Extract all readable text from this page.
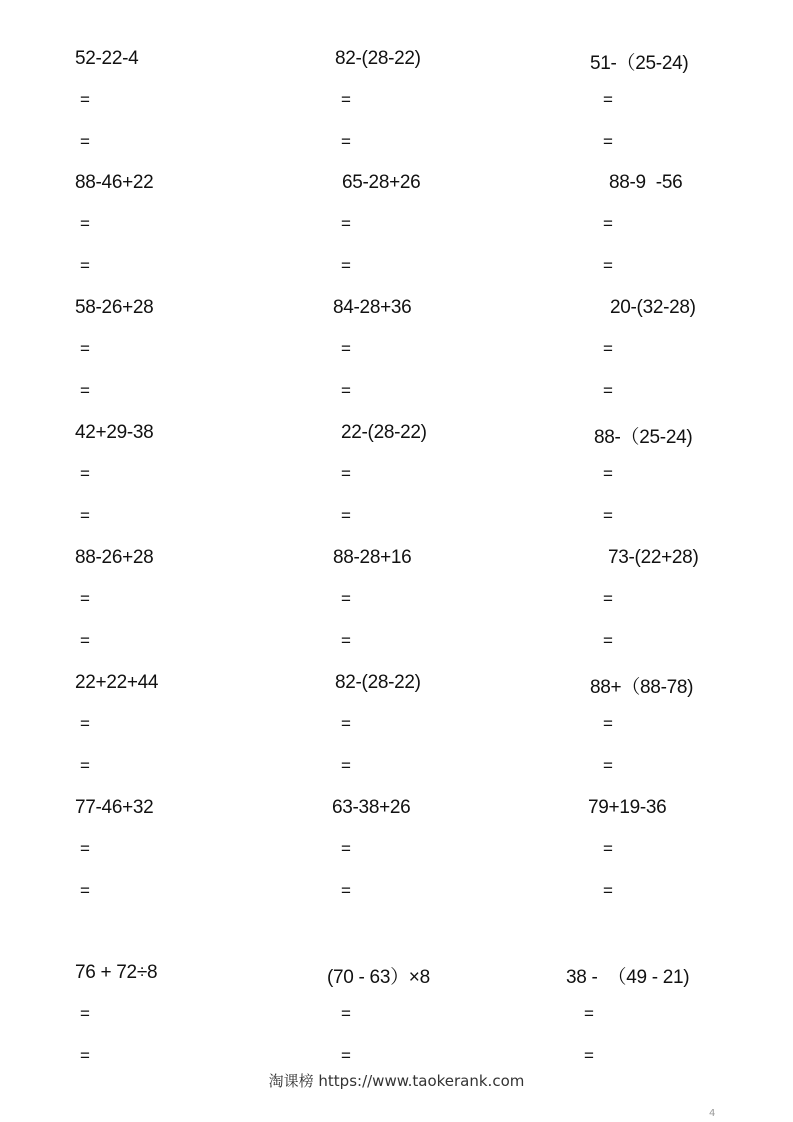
52-22-4
=
=
82-(28-22)
=
=
51-（25-24)
=
=
88-46+22
=
=
65-28+26
=
=
88-9  -56
=
=
58-26+28
=
=
84-28+36
=
=
20-(32-28)
=
=
42+29-38
=
=
22-(28-22)
=
=
88-（25-24)
=
=
88-26+28
=
=
88-28+16
=
=
73-(22+28)
=
=
22+22+44
=
=
82-(28-22)
=
=
88+（88-78)
=
=
77-46+32
=
=
63-38+26
=
=
79+19-36
=
=
76 + 72÷8
=
=
(70 - 63）×8
=
=
38 -  （49 - 21)
=
=
淘课榜 https://www.taokerank.com
4
